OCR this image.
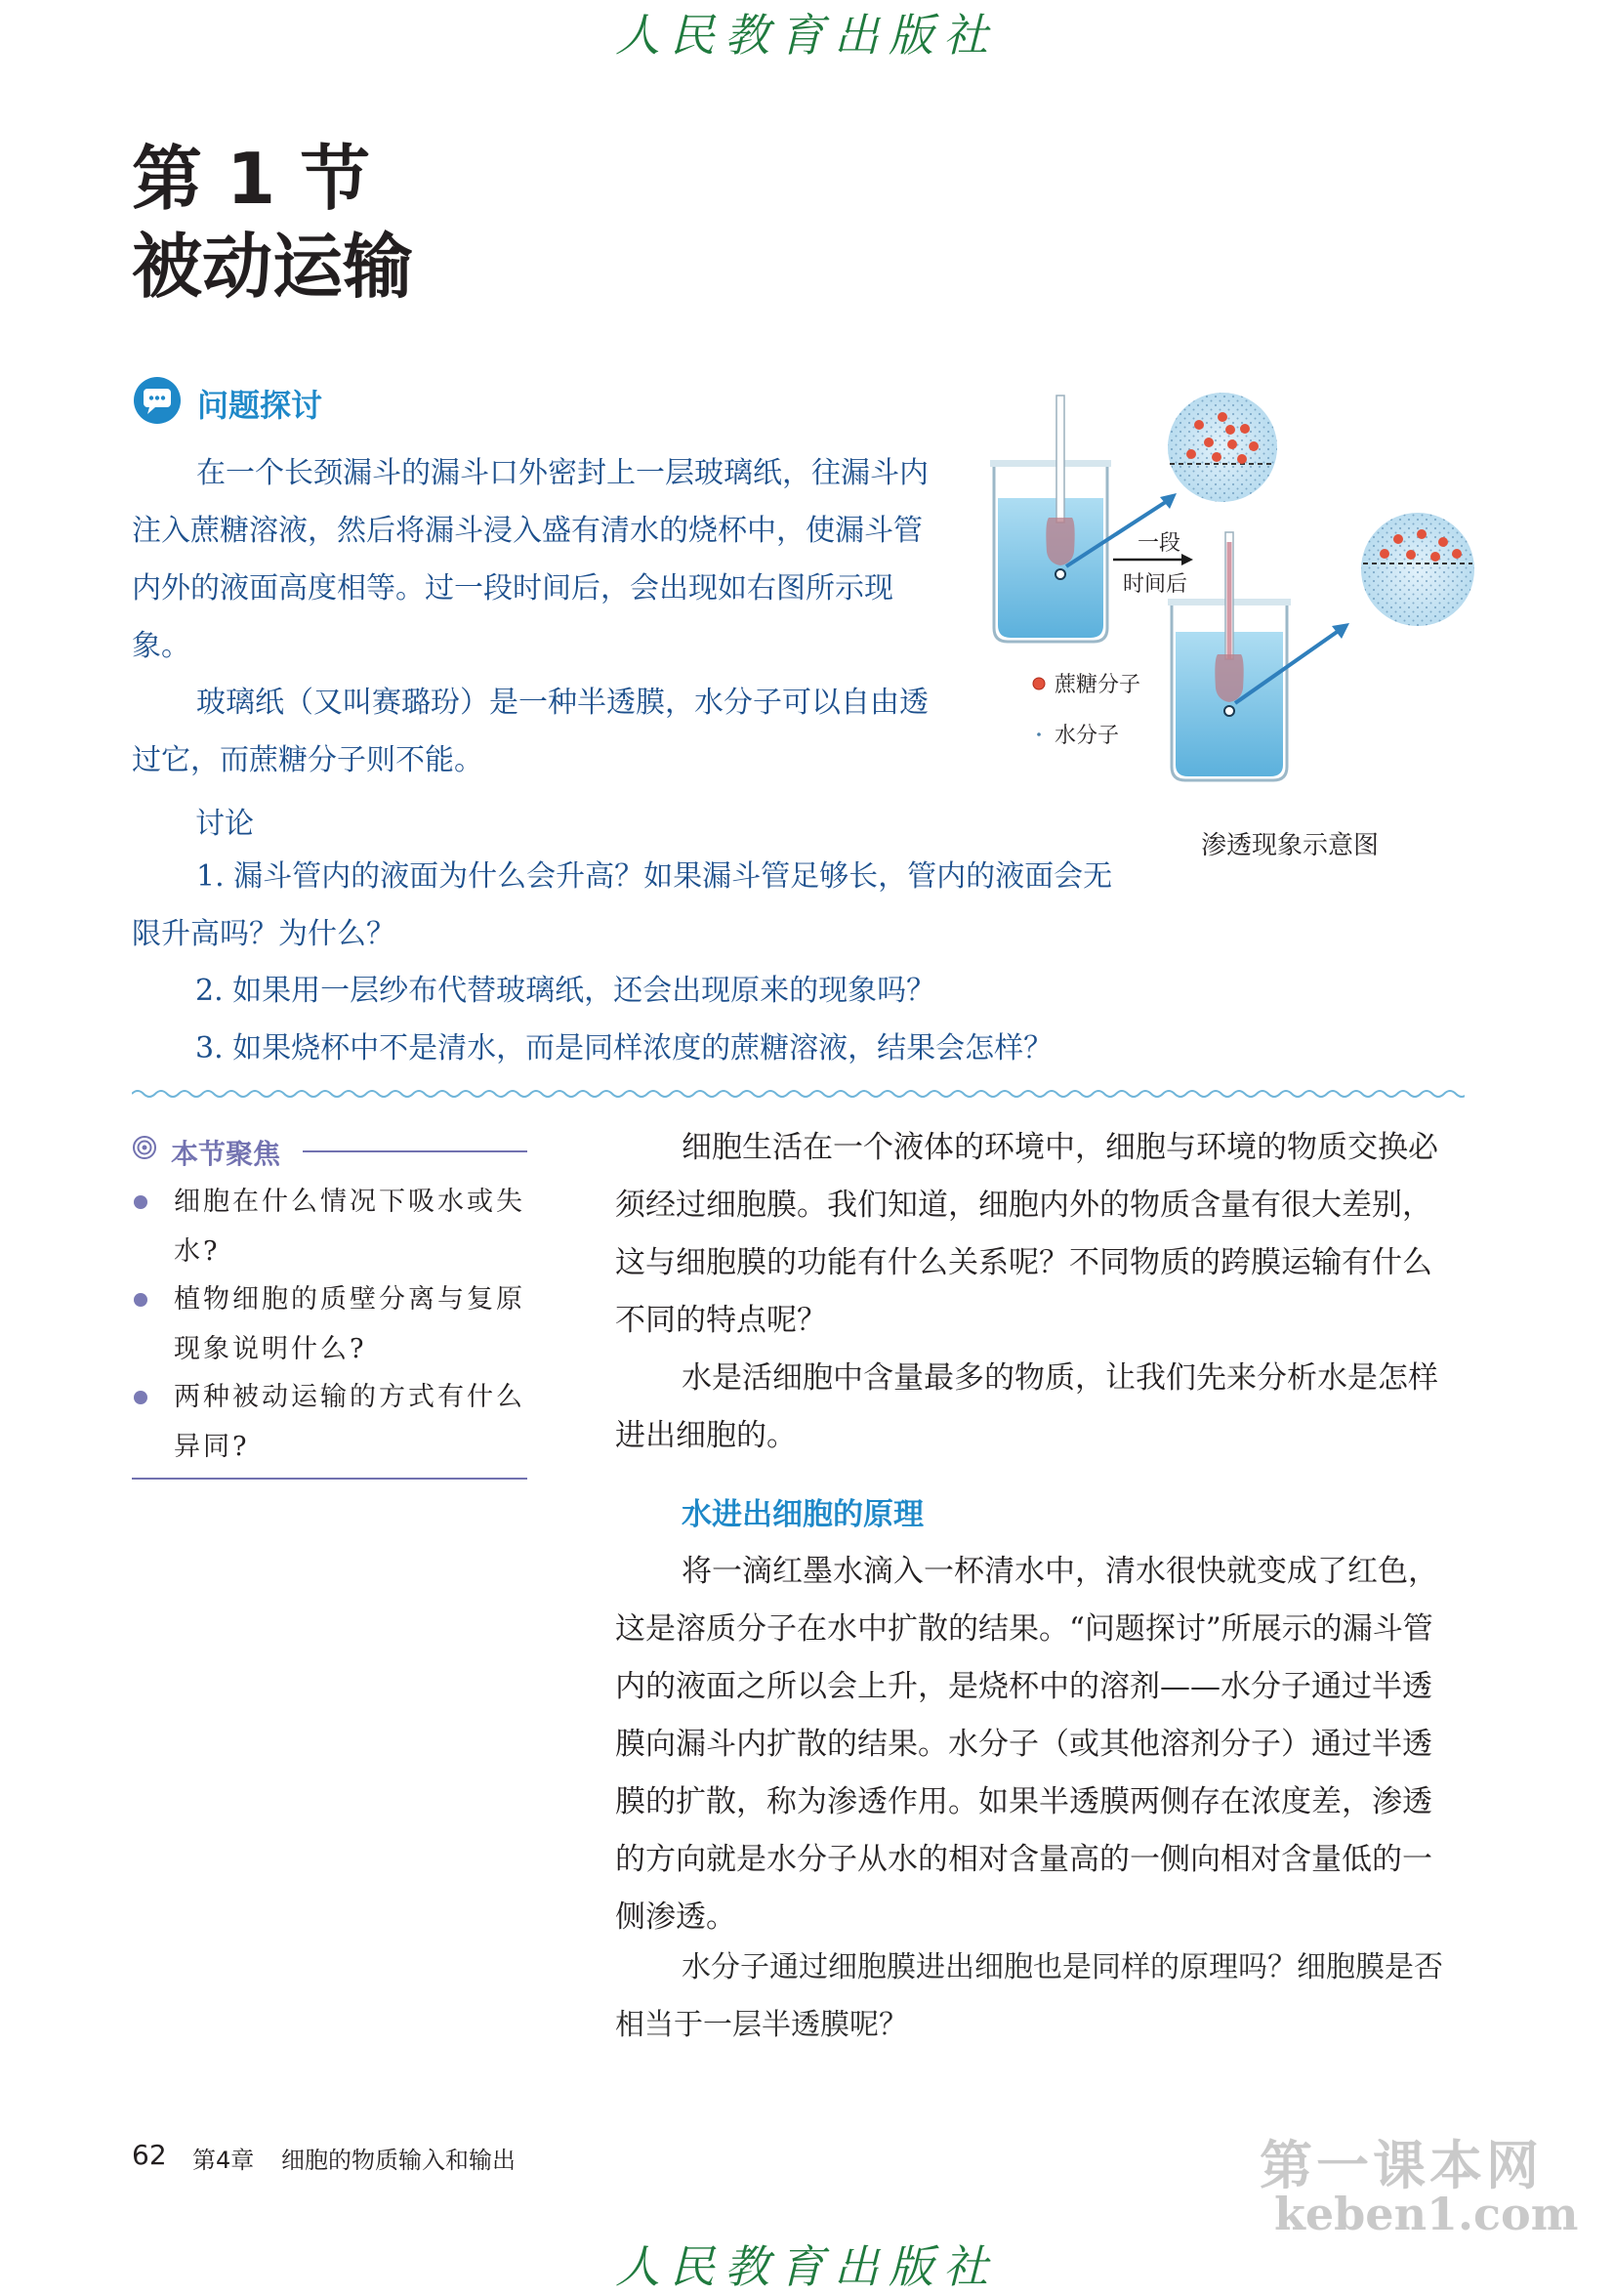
人民教育出版社
第 1 节
被动运输
问题探讨
在一个长颈漏斗的漏斗口外密封上一层玻璃纸，往漏斗内注入蔗糖溶液，然后将漏斗浸入盛有清水的烧杯中，使漏斗管内外的液面高度相等。过一段时间后，会出现如右图所示现象。
玻璃纸（又叫赛璐玢）是一种半透膜，水分子可以自由透过它，而蔗糖分子则不能。
讨论
1. 漏斗管内的液面为什么会升高？如果漏斗管足够长，管内的液面会无限升高吗？为什么？
2. 如果用一层纱布代替玻璃纸，还会出现原来的现象吗？
3. 如果烧杯中不是清水，而是同样浓度的蔗糖溶液，结果会怎样？
一段
时间后
蔗糖分子
水分子
渗透现象示意图
本节聚焦
细胞在什么情况下吸水或失水?
植物细胞的质壁分离与复原现象说明什么?
两种被动运输的方式有什么异同?
细胞生活在一个液体的环境中，细胞与环境的物质交换必须经过细胞膜。我们知道，细胞内外的物质含量有很大差别，这与细胞膜的功能有什么关系呢？不同物质的跨膜运输有什么不同的特点呢？
水是活细胞中含量最多的物质，让我们先来分析水是怎样进出细胞的。
水进出细胞的原理
将一滴红墨水滴入一杯清水中，清水很快就变成了红色，这是溶质分子在水中扩散的结果。“问题探讨”所展示的漏斗管内的液面之所以会上升，是烧杯中的溶剂——水分子通过半透膜向漏斗内扩散的结果。水分子（或其他溶剂分子）通过半透膜的扩散，称为渗透作用。如果半透膜两侧存在浓度差，渗透的方向就是水分子从水的相对含量高的一侧向相对含量低的一侧渗透。
水分子通过细胞膜进出细胞也是同样的原理吗？细胞膜是否相当于一层半透膜呢？
62 第4章 细胞的物质输入和输出	第一课本网
keben1.com
人民教育出版社
